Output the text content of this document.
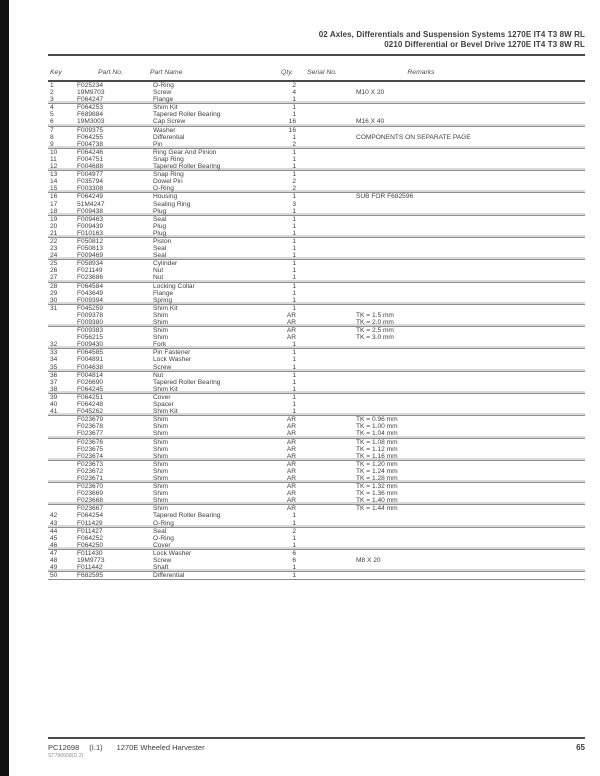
02 Axles, Differentials and Suspension Systems 1270E IT4 T3 8W RL
0210 Differential or Bevel Drive 1270E IT4 T3 8W RL
Key	Part No.	Part Name	Qty.	Serial No.	Remarks
1	F025234	O-Ring	2
2	19M9703	Screw	4	M10 X 20
3	F064247	Flange	1
4	F064253	Shim Kit	1
5	F689884	Tapered Roller Bearing	1
6	19M3003	Cap Screw	16	M16 X 40
7	F009375	Washer	16
8	F064255	Differential	1	COMPONENTS ON SEPARATE PAGE
9	F004738	Pin	2
10	F064246	Ring Gear And Pinion	1
11	F004751	Snap Ring	1
12	F004688	Tapered Roller Bearing	1
13	F004977	Snap Ring	1
14	F035794	Dowel Pin	2
15	F003308	O-Ring	2
16	F064249	Housing	1	SUB FOR F682596
17	51M4247	Sealing Ring	3
18	F009438	Plug	1
19	F009463	Seal	1
20	F009439	Plug	1
21	F010163	Plug	1
22	F050812	Piston	1
23	F050813	Seal	1
24	F009469	Seal	1
25	F058934	Cylinder	1
26	F021149	Nut	1
27	F023686	Nut	1
28	F064584	Locking Collar	1
29	F043649	Flange	1
30	F009394	Spring	1
31	F045259	Shim Kit	1
F009378	Shim	AR	TK = 1.5 mm
F009380	Shim	AR	TK = 2.0 mm
F009383	Shim	AR	TK = 2.5 mm
F056215	Shim	AR	TK = 3.0 mm
32	F009430	Fork	1
33	F064585	Pin Fastener	1
34	F004891	Lock Washer	1
35	F004638	Screw	1
36	F004814	Nut	1
37	F026690	Tapered Roller Bearing	1
38	F064245	Shim Kit	1
39	F064251	Cover	1
40	F064248	Spacer	1
41	F045262	Shim Kit	1
F023679	Shim	AR	TK = 0.96 mm
F023678	Shim	AR	TK = 1.00 mm
F023677	Shim	AR	TK = 1.04 mm
F023676	Shim	AR	TK = 1.08 mm
F023675	Shim	AR	TK = 1.12 mm
F023674	Shim	AR	TK = 1.16 mm
F023673	Shim	AR	TK = 1.20 mm
F023672	Shim	AR	TK = 1.24 mm
F023671	Shim	AR	TK = 1.28 mm
F023670	Shim	AR	TK = 1.32 mm
F023669	Shim	AR	TK = 1.36 mm
F023668	Shim	AR	TK = 1.40 mm
F023667	Shim	AR	TK = 1.44 mm
42	F064254	Tapered Roller Bearing	1
43	F011429	O-Ring	1
44	F011427	Seal	2
45	F064252	O-Ring	1
46	F064250	Cover	1
47	F011430	Lock Washer	6
48	19M9773	Screw	6	M8 X 20
49	F011442	Shaft	1
50	F682595	Differential	1
PC12698 (I.1) 1270E Wheeled Harvester	65
ST790658(D.2)
